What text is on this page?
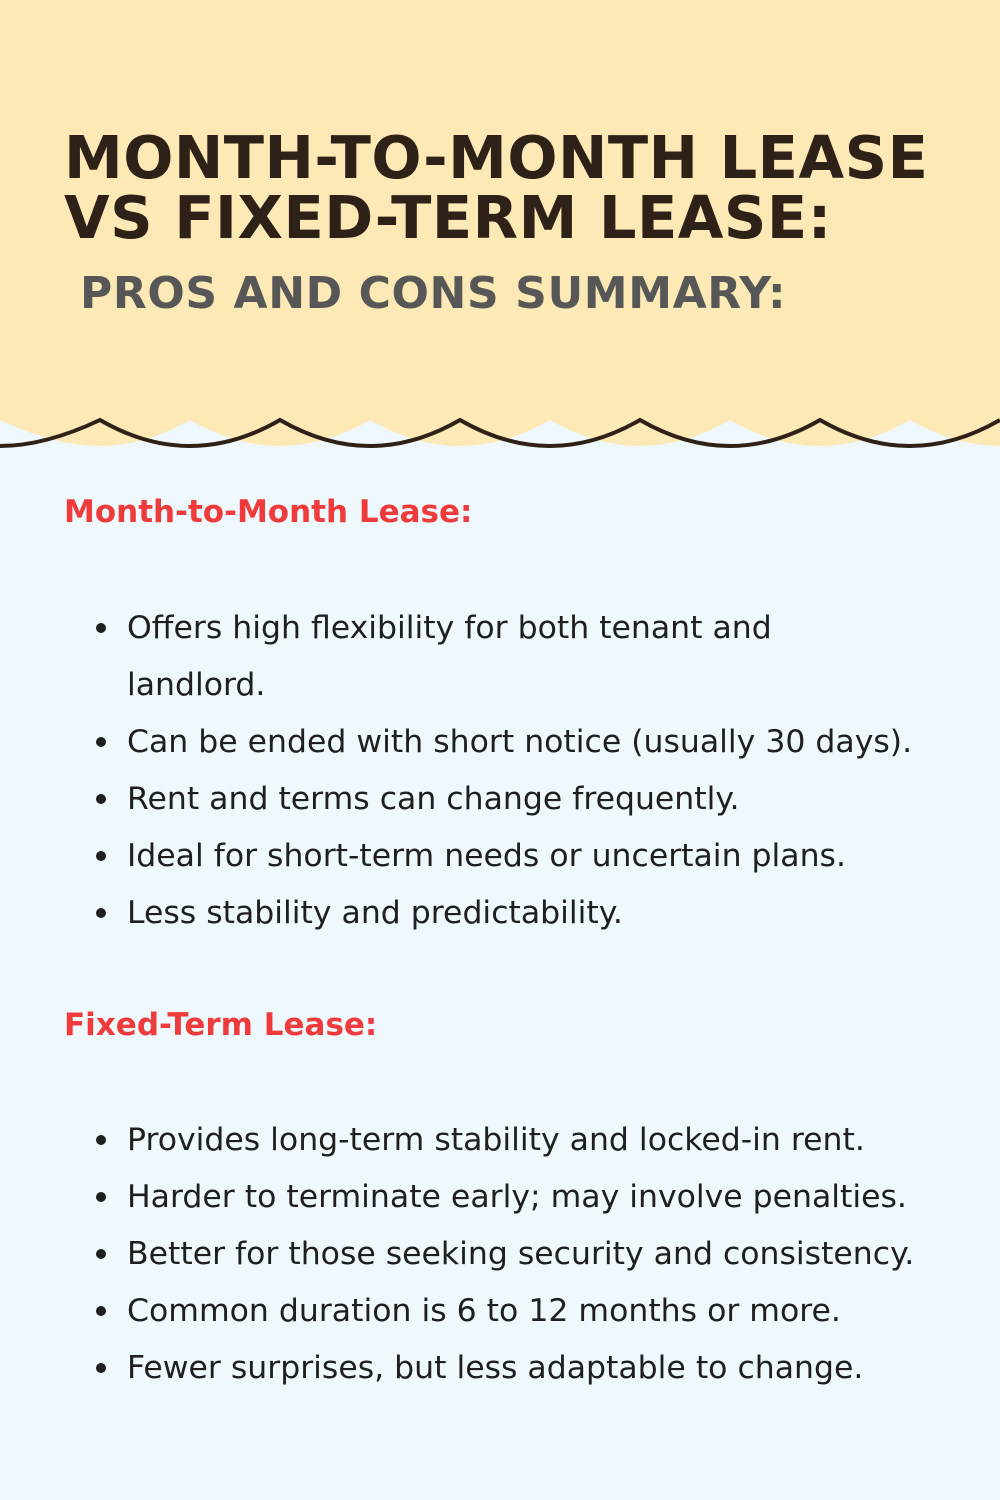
MONTH-TO-MONTH LEASE
VS FIXED-TERM LEASE:
PROS AND CONS SUMMARY:
Month-to-Month Lease:
Offers high flexibility for both tenant and
landlord.
Can be ended with short notice (usually 30 days).
Rent and terms can change frequently.
Ideal for short-term needs or uncertain plans.
Less stability and predictability.
Fixed-Term Lease:
Provides long-term stability and locked-in rent.
Harder to terminate early; may involve penalties.
Better for those seeking security and consistency.
Common duration is 6 to 12 months or more.
Fewer surprises, but less adaptable to change.
